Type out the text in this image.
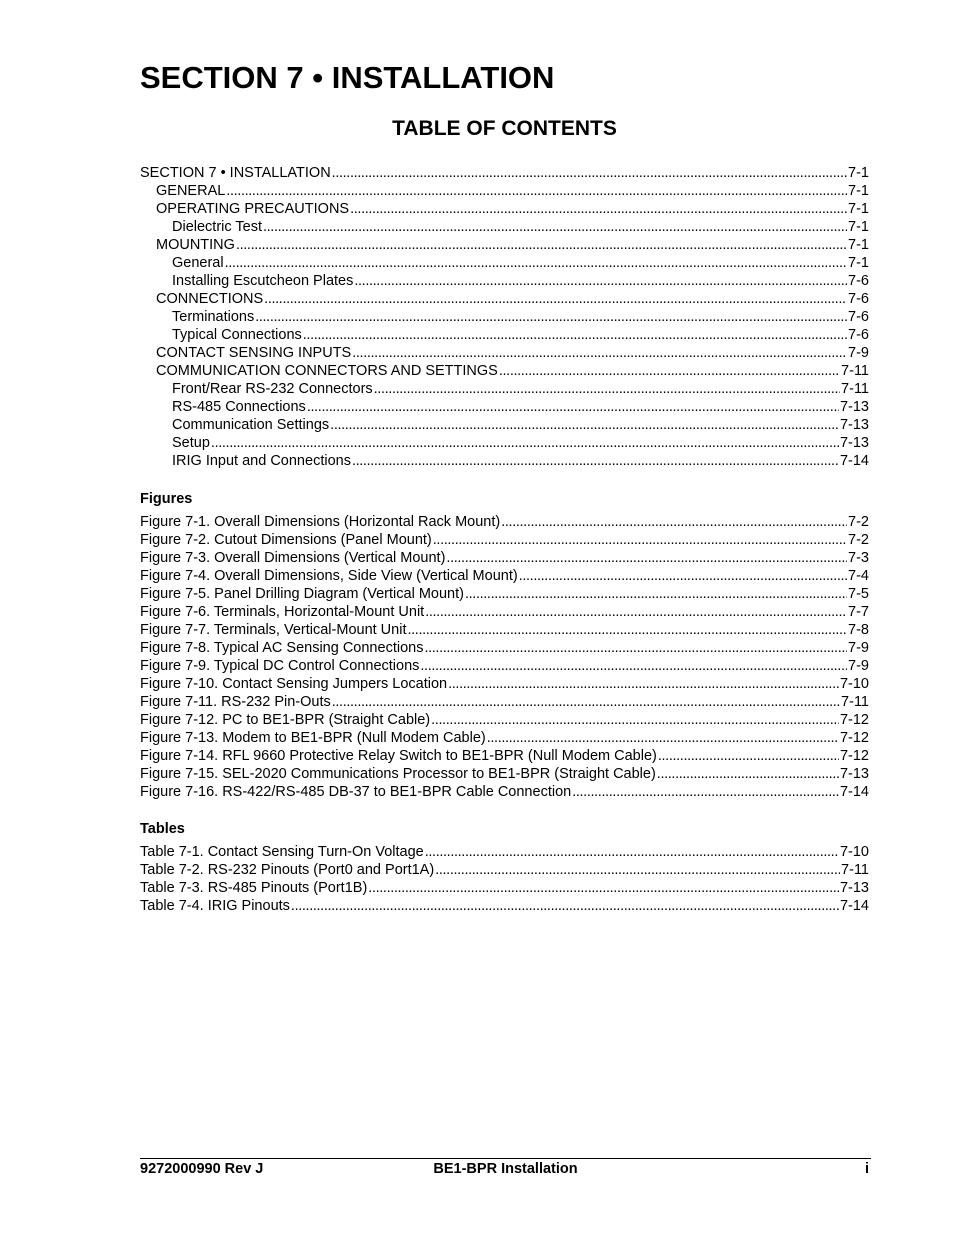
SECTION 7 • INSTALLATION
TABLE OF CONTENTS
SECTION 7 • INSTALLATION . . .	7-1
GENERAL . . .	7-1
OPERATING PRECAUTIONS . . .	7-1
Dielectric Test . . .	7-1
MOUNTING . . .	7-1
General . . .	7-1
Installing Escutcheon Plates . . .	7-6
CONNECTIONS . . .	7-6
Terminations . . .	7-6
Typical Connections . . .	7-6
CONTACT SENSING INPUTS . . .	7-9
COMMUNICATION CONNECTORS AND SETTINGS . . .	7-11
Front/Rear RS-232 Connectors . . .	7-11
RS-485 Connections . . .	7-13
Communication Settings . . .	7-13
Setup . . .	7-13
IRIG Input and Connections . . .	7-14
Figures
Figure 7-1. Overall Dimensions (Horizontal Rack Mount) . . .	7-2
Figure 7-2. Cutout Dimensions (Panel Mount) . . .	7-2
Figure 7-3. Overall Dimensions (Vertical Mount) . . .	7-3
Figure 7-4. Overall Dimensions, Side View (Vertical Mount) . . .	7-4
Figure 7-5. Panel Drilling Diagram (Vertical Mount) . . .	7-5
Figure 7-6. Terminals, Horizontal-Mount Unit . . .	7-7
Figure 7-7. Terminals, Vertical-Mount Unit . . .	7-8
Figure 7-8. Typical AC Sensing Connections . . .	7-9
Figure 7-9. Typical DC Control Connections . . .	7-9
Figure 7-10. Contact Sensing Jumpers Location . . .	7-10
Figure 7-11. RS-232 Pin-Outs . . .	7-11
Figure 7-12. PC to BE1-BPR (Straight Cable) . . .	7-12
Figure 7-13. Modem to BE1-BPR (Null Modem Cable) . . .	7-12
Figure 7-14. RFL 9660 Protective Relay Switch to BE1-BPR (Null Modem Cable) . . .	7-12
Figure 7-15. SEL-2020 Communications Processor to BE1-BPR (Straight Cable) . . .	7-13
Figure 7-16. RS-422/RS-485 DB-37 to BE1-BPR Cable Connection . . .	7-14
Tables
Table 7-1. Contact Sensing Turn-On Voltage . . .	7-10
Table 7-2. RS-232 Pinouts (Port0 and Port1A) . . .	7-11
Table 7-3. RS-485 Pinouts (Port1B) . . .	7-13
Table 7-4. IRIG Pinouts . . .	7-14
9272000990 Rev J	BE1-BPR Installation	i
